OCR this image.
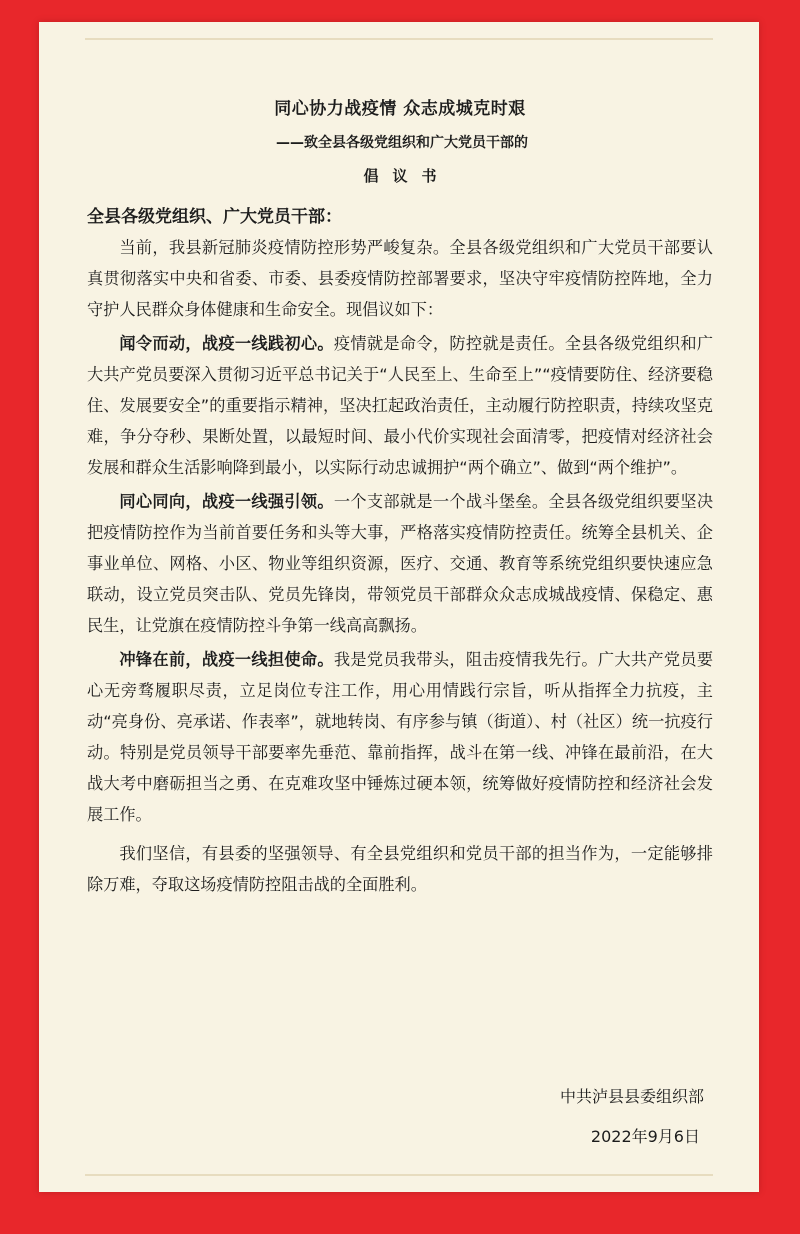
同心协力战疫情 众志成城克时艰
——致全县各级党组织和广大党员干部的
倡议书

全县各级党组织、广大党员干部：

当前，我县新冠肺炎疫情防控形势严峻复杂。全县各级党组织和广大党员干部要认真贯彻落实中央和省委、市委、县委疫情防控部署要求，坚决守牢疫情防控阵地，全力守护人民群众身体健康和生命安全。现倡议如下：

闻令而动，战疫一线践初心。疫情就是命令，防控就是责任。全县各级党组织和广大共产党员要深入贯彻习近平总书记关于“人民至上、生命至上”“疫情要防住、经济要稳住、发展要安全”的重要指示精神，坚决扛起政治责任，主动履行防控职责，持续攻坚克难，争分夺秒、果断处置，以最短时间、最小代价实现社会面清零，把疫情对经济社会发展和群众生活影响降到最小，以实际行动忠诚拥护“两个确立”、做到“两个维护”。

同心同向，战疫一线强引领。一个支部就是一个战斗堡垒。全县各级党组织要坚决把疫情防控作为当前首要任务和头等大事，严格落实疫情防控责任。统筹全县机关、企事业单位、网格、小区、物业等组织资源，医疗、交通、教育等系统党组织要快速应急联动，设立党员突击队、党员先锋岗，带领党员干部群众众志成城战疫情、保稳定、惠民生，让党旗在疫情防控斗争第一线高高飘扬。

冲锋在前，战疫一线担使命。我是党员我带头，阻击疫情我先行。广大共产党员要心无旁骛履职尽责，立足岗位专注工作，用心用情践行宗旨，听从指挥全力抗疫，主动“亮身份、亮承诺、作表率”，就地转岗、有序参与镇（街道）、村（社区）统一抗疫行动。特别是党员领导干部要率先垂范、靠前指挥，战斗在第一线、冲锋在最前沿，在大战大考中磨砺担当之勇、在克难攻坚中锤炼过硬本领，统筹做好疫情防控和经济社会发展工作。

我们坚信，有县委的坚强领导、有全县党组织和党员干部的担当作为，一定能够排除万难，夺取这场疫情防控阻击战的全面胜利。

中共泸县县委组织部
2022年9月6日
